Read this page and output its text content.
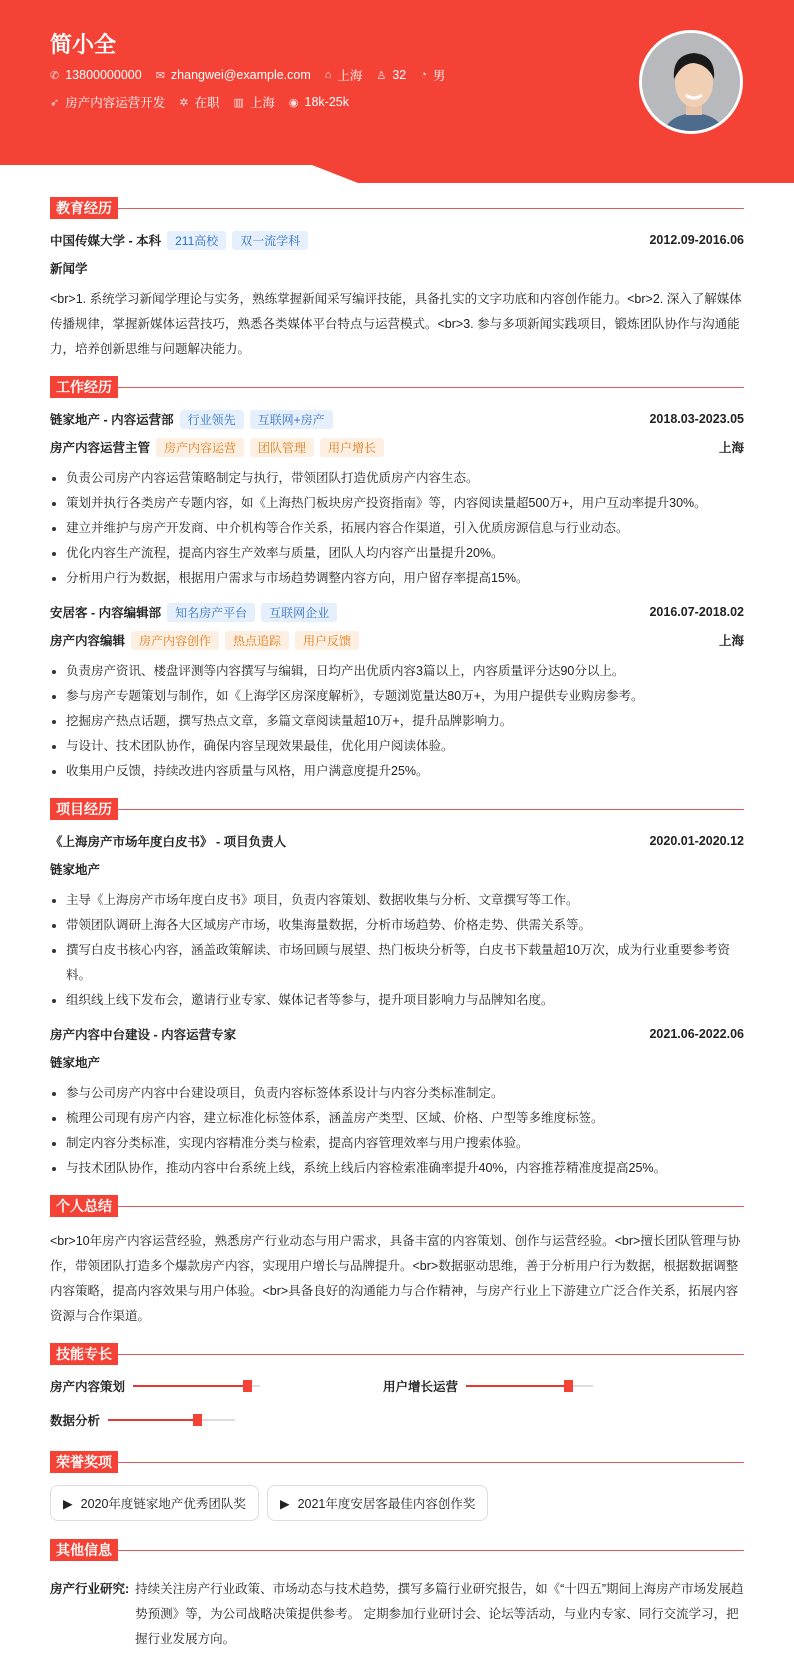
简小全
✆ 13800000000 ✉ zhangwei@example.com ⌂ 上海 ♙ 32 ◔ 男
➶ 房产内容运营开发 ✲ 在职 ▥ 上海 ◉ 18k-25k
教育经历
中国传媒大学 - 本科	211高校	双一流学科	2012.09-2016.06
新闻学
<br>1. 系统学习新闻学理论与实务，熟练掌握新闻采写编评技能，具备扎实的文字功底和内容创作能力。<br>2. 深入了解媒体传播规律，掌握新媒体运营技巧，熟悉各类媒体平台特点与运营模式。<br>3. 参与多项新闻实践项目，锻炼团队协作与沟通能力，培养创新思维与问题解决能力。
工作经历
链家地产 - 内容运营部	行业领先	互联网+房产	2018.03-2023.05
房产内容运营主管	房产内容运营	团队管理	用户增长	上海
负责公司房产内容运营策略制定与执行，带领团队打造优质房产内容生态。
策划并执行各类房产专题内容，如《上海热门板块房产投资指南》等，内容阅读量超500万+，用户互动率提升30%。
建立并维护与房产开发商、中介机构等合作关系，拓展内容合作渠道，引入优质房源信息与行业动态。
优化内容生产流程，提高内容生产效率与质量，团队人均内容产出量提升20%。
分析用户行为数据，根据用户需求与市场趋势调整内容方向，用户留存率提高15%。
安居客 - 内容编辑部	知名房产平台	互联网企业	2016.07-2018.02
房产内容编辑	房产内容创作	热点追踪	用户反馈	上海
负责房产资讯、楼盘评测等内容撰写与编辑，日均产出优质内容3篇以上，内容质量评分达90分以上。
参与房产专题策划与制作，如《上海学区房深度解析》，专题浏览量达80万+，为用户提供专业购房参考。
挖掘房产热点话题，撰写热点文章，多篇文章阅读量超10万+，提升品牌影响力。
与设计、技术团队协作，确保内容呈现效果最佳，优化用户阅读体验。
收集用户反馈，持续改进内容质量与风格，用户满意度提升25%。
项目经历
《上海房产市场年度白皮书》 - 项目负责人	2020.01-2020.12
链家地产
主导《上海房产市场年度白皮书》项目，负责内容策划、数据收集与分析、文章撰写等工作。
带领团队调研上海各大区域房产市场，收集海量数据，分析市场趋势、价格走势、供需关系等。
撰写白皮书核心内容，涵盖政策解读、市场回顾与展望、热门板块分析等，白皮书下载量超10万次，成为行业重要参考资料。
组织线上线下发布会，邀请行业专家、媒体记者等参与，提升项目影响力与品牌知名度。
房产内容中台建设 - 内容运营专家	2021.06-2022.06
链家地产
参与公司房产内容中台建设项目，负责内容标签体系设计与内容分类标准制定。
梳理公司现有房产内容，建立标准化标签体系，涵盖房产类型、区域、价格、户型等多维度标签。
制定内容分类标准，实现内容精准分类与检索，提高内容管理效率与用户搜索体验。
与技术团队协作，推动内容中台系统上线，系统上线后内容检索准确率提升40%，内容推荐精准度提高25%。
个人总结
<br>10年房产内容运营经验，熟悉房产行业动态与用户需求，具备丰富的内容策划、创作与运营经验。<br>擅长团队管理与协作，带领团队打造多个爆款房产内容，实现用户增长与品牌提升。<br>数据驱动思维，善于分析用户行为数据，根据数据调整内容策略，提高内容效果与用户体验。<br>具备良好的沟通能力与合作精神，与房产行业上下游建立广泛合作关系，拓展内容资源与合作渠道。
技能专长
房产内容策划	用户增长运营
数据分析
荣誉奖项
▶ 2020年度链家地产优秀团队奖	▶ 2021年度安居客最佳内容创作奖
其他信息
房产行业研究: 持续关注房产行业政策、市场动态与技术趋势，撰写多篇行业研究报告，如《“十四五”期间上海房产市场发展趋势预测》等，为公司战略决策提供参考。 定期参加行业研讨会、论坛等活动，与业内专家、同行交流学习，把握行业发展方向。
